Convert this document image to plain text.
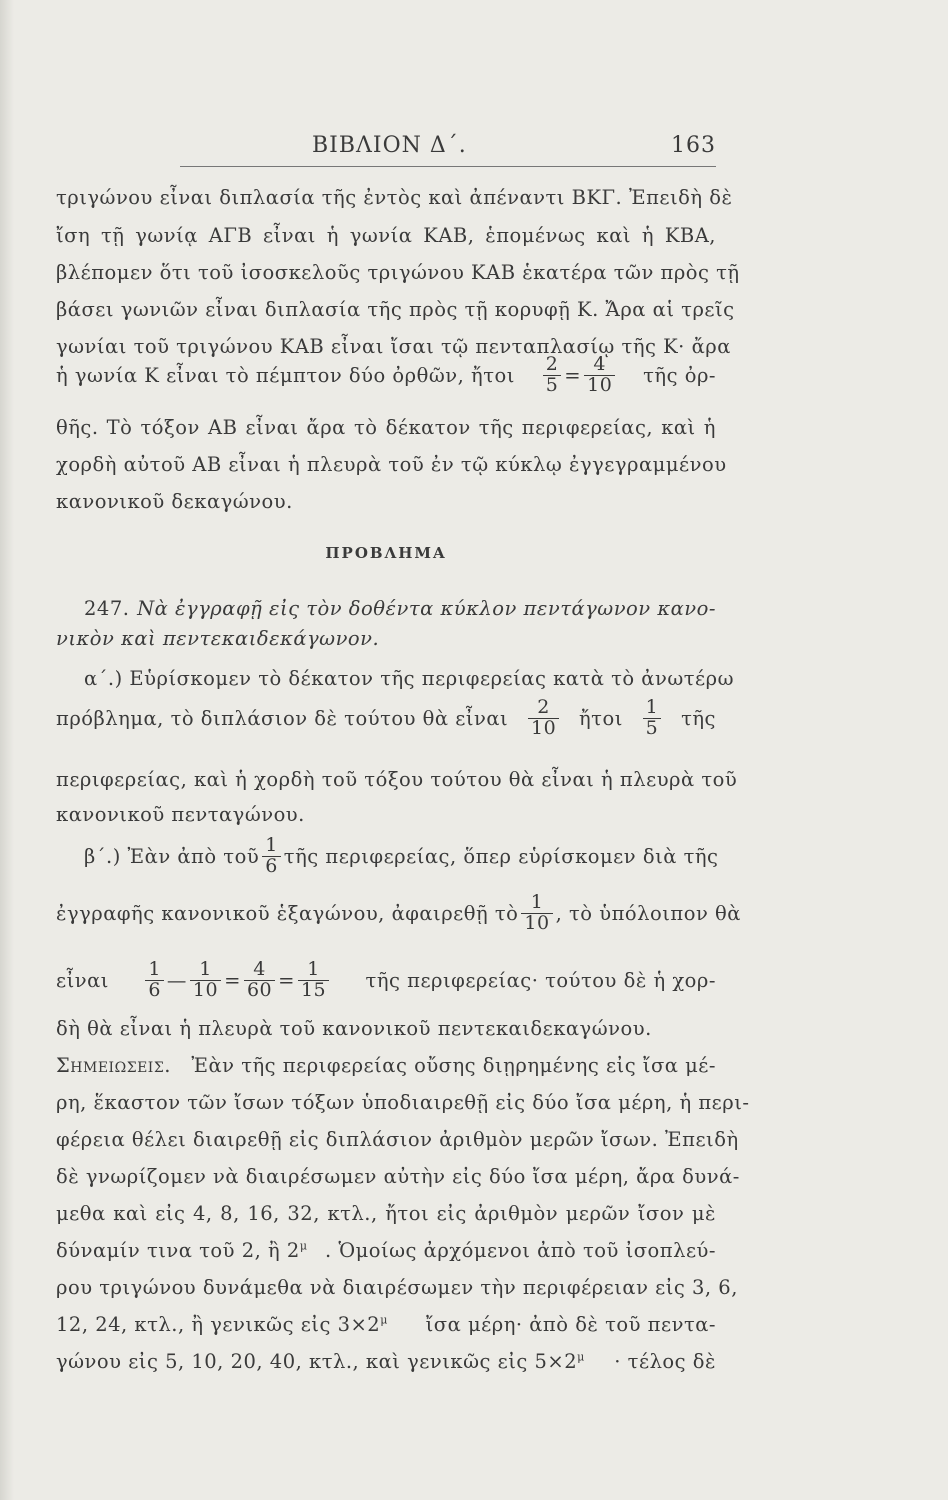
ΒΙΒΛΙΟΝ Δ΄.	163
τριγώνου εἶναι διπλασία τῆς ἐντὸς καὶ ἀπέναντι ΒΚΓ. Ἐπειδὴ δὲ
ἴση τῇ γωνίᾳ ΑΓΒ εἶναι ἡ γωνία ΚΑΒ, ἑπομένως καὶ ἡ ΚΒΑ,
βλέπομεν ὅτι τοῦ ἰσοσκελοῦς τριγώνου ΚΑΒ ἑκατέρα τῶν πρὸς τῇ
βάσει γωνιῶν εἶναι διπλασία τῆς πρὸς τῇ κορυφῇ Κ. Ἄρα αἱ τρεῖς
γωνίαι τοῦ τριγώνου ΚΑΒ εἶναι ἴσαι τῷ πενταπλασίῳ τῆς Κ· ἄρα
ἡ γωνία Κ εἶναι τὸ πέμπτον δύο ὀρθῶν, ἤτοι $\frac{2}{5} = \frac{4}{10}$ τῆς ὀρ-
θῆς. Τὸ τόξον ΑΒ εἶναι ἄρα τὸ δέκατον τῆς περιφερείας, καὶ ἡ
χορδὴ αὐτοῦ ΑΒ εἶναι ἡ πλευρὰ τοῦ ἐν τῷ κύκλῳ ἐγγεγραμμένου
κανονικοῦ δεκαγώνου.
ΠΡΟΒΛΗΜΑ
247. Νὰ ἐγγραφῇ εἰς τὸν δοθέντα κύκλον πεντάγωνον κανο-
νικὸν καὶ πεντεκαιδεκάγωνον.
α΄.) Εὑρίσκομεν τὸ δέκατον τῆς περιφερείας κατὰ τὸ ἀνωτέρω
πρόβλημα, τὸ διπλάσιον δὲ τούτου θὰ εἶναι $\frac{2}{10}$ ἤτοι $\frac{1}{5}$ τῆς
περιφερείας, καὶ ἡ χορδὴ τοῦ τόξου τούτου θὰ εἶναι ἡ πλευρὰ τοῦ
κανονικοῦ πενταγώνου.
β΄.) Ἐὰν ἀπὸ τοῦ $\frac{1}{6}$ τῆς περιφερείας, ὅπερ εὑρίσκομεν διὰ τῆς
ἐγγραφῆς κανονικοῦ ἑξαγώνου, ἀφαιρεθῇ τὸ $\frac{1}{10}$ , τὸ ὑπόλοιπον θὰ
εἶναι $\frac{1}{6}$ — $\frac{1}{10} = \frac{4}{60} = \frac{1}{15}$ τῆς περιφερείας· τούτου δὲ ἡ χορ-
δὴ θὰ εἶναι ἡ πλευρὰ τοῦ κανονικοῦ πεντεκαιδεκαγώνου.
Σημειωσεις. Ἐὰν τῆς περιφερείας οὔσης διῃρημένης εἰς ἴσα μέ-
ρη, ἕκαστον τῶν ἴσων τόξων ὑποδιαιρεθῇ εἰς δύο ἴσα μέρη, ἡ περι-
φέρεια θέλει διαιρεθῇ εἰς διπλάσιον ἀριθμὸν μερῶν ἴσων. Ἐπειδὴ
δὲ γνωρίζομεν νὰ διαιρέσωμεν αὐτὴν εἰς δύο ἴσα μέρη, ἄρα δυνά-
μεθα καὶ εἰς 4, 8, 16, 32, κτλ., ἤτοι εἰς ἀριθμὸν μερῶν ἴσον μὲ
δύναμίν τινα τοῦ 2, ἢ $2^\mu$ . Ὁμοίως ἀρχόμενοι ἀπὸ τοῦ ἰσοπλεύ-
ρου τριγώνου δυνάμεθα νὰ διαιρέσωμεν τὴν περιφέρειαν εἰς 3, 6,
12, 24, κτλ., ἢ γενικῶς εἰς $3\times 2^\mu$ ἴσα μέρη· ἀπὸ δὲ τοῦ πεντα-
γώνου εἰς 5, 10, 20, 40, κτλ., καὶ γενικῶς εἰς $5\times 2^\mu \cdot \tau έ\lambda o\varsigma$ δὲ
